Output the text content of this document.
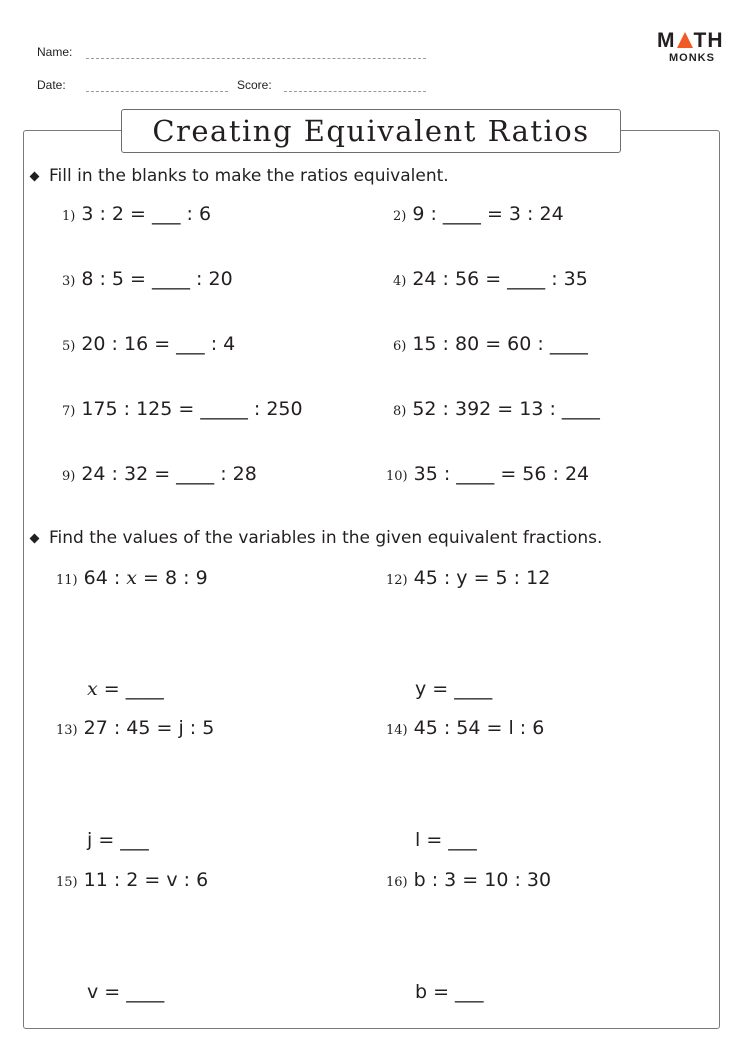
Name:
Date:	Score:
M TH
MONKS
Creating Equivalent Ratios
Fill in the blanks to make the ratios equivalent.
1) 3 : 2 = ___ : 6	2) 9 : ____ = 3 : 24
3) 8 : 5 = ____ : 20	4) 24 : 56 = ____ : 35
5) 20 : 16 = ___ : 4	6) 15 : 80 = 60 : ____
7) 175 : 125 = _____ : 250	8) 52 : 392 = 13 : ____
9) 24 : 32 = ____ : 28	10) 35 : ____ = 56 : 24
Find the values of the variables in the given equivalent fractions.
11) 64 : x = 8 : 9	12) 45 : y = 5 : 12
x = ____	y = ____
13) 27 : 45 = j : 5	14) 45 : 54 = l : 6
j = ___	l = ___
15) 11 : 2 = v : 6	16) b : 3 = 10 : 30
v = ____	b = ___
